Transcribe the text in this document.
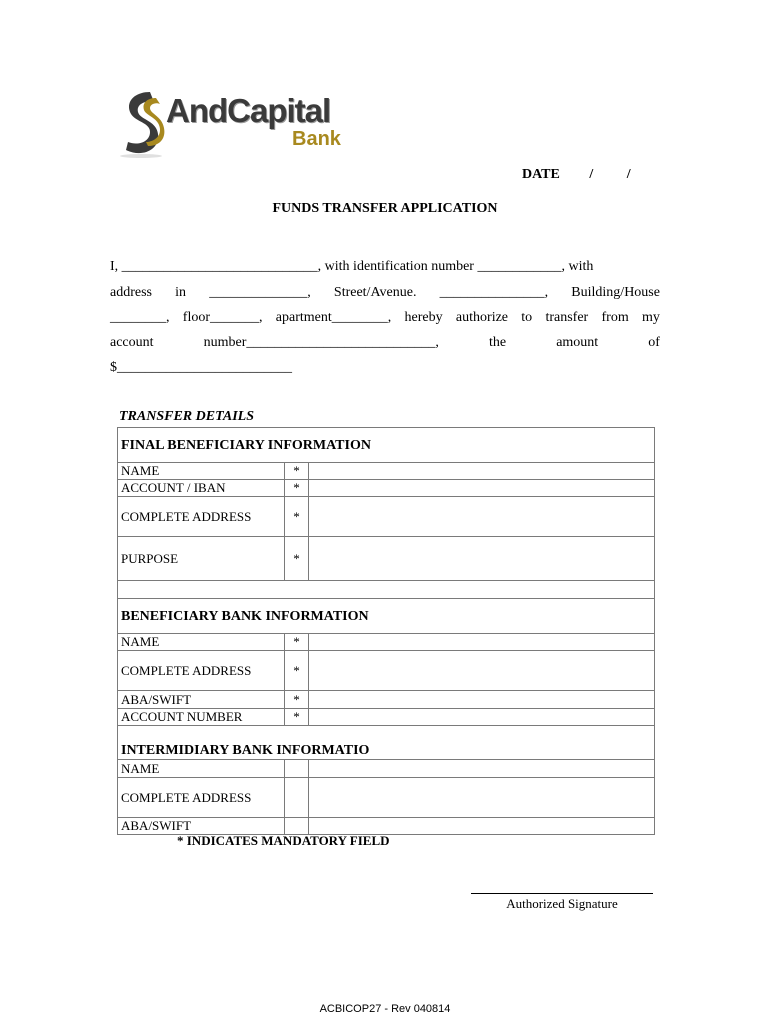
AndCapital
Bank
DATE / /
FUNDS TRANSFER APPLICATION
I, ____________________________, with identification number ____________, with
address in ______________, Street/Avenue. _______________, Building/House
________, floor_______, apartment________, hereby authorize to transfer from my
account	number___________________________,	the	amount	of
$_________________________
TRANSFER DETAILS
FINAL BENEFICIARY INFORMATION		
NAME	*	
ACCOUNT / IBAN	*	
COMPLETE ADDRESS	*	
PURPOSE	*	

BENEFICIARY BANK INFORMATION		
NAME	*	
COMPLETE ADDRESS	*	
ABA/SWIFT	*	
ACCOUNT NUMBER	*	
INTERMIDIARY BANK INFORMATIO		
NAME		
COMPLETE ADDRESS		
ABA/SWIFT		
* INDICATES MANDATORY FIELD
Authorized Signature
ACBICOP27 - Rev 040814
